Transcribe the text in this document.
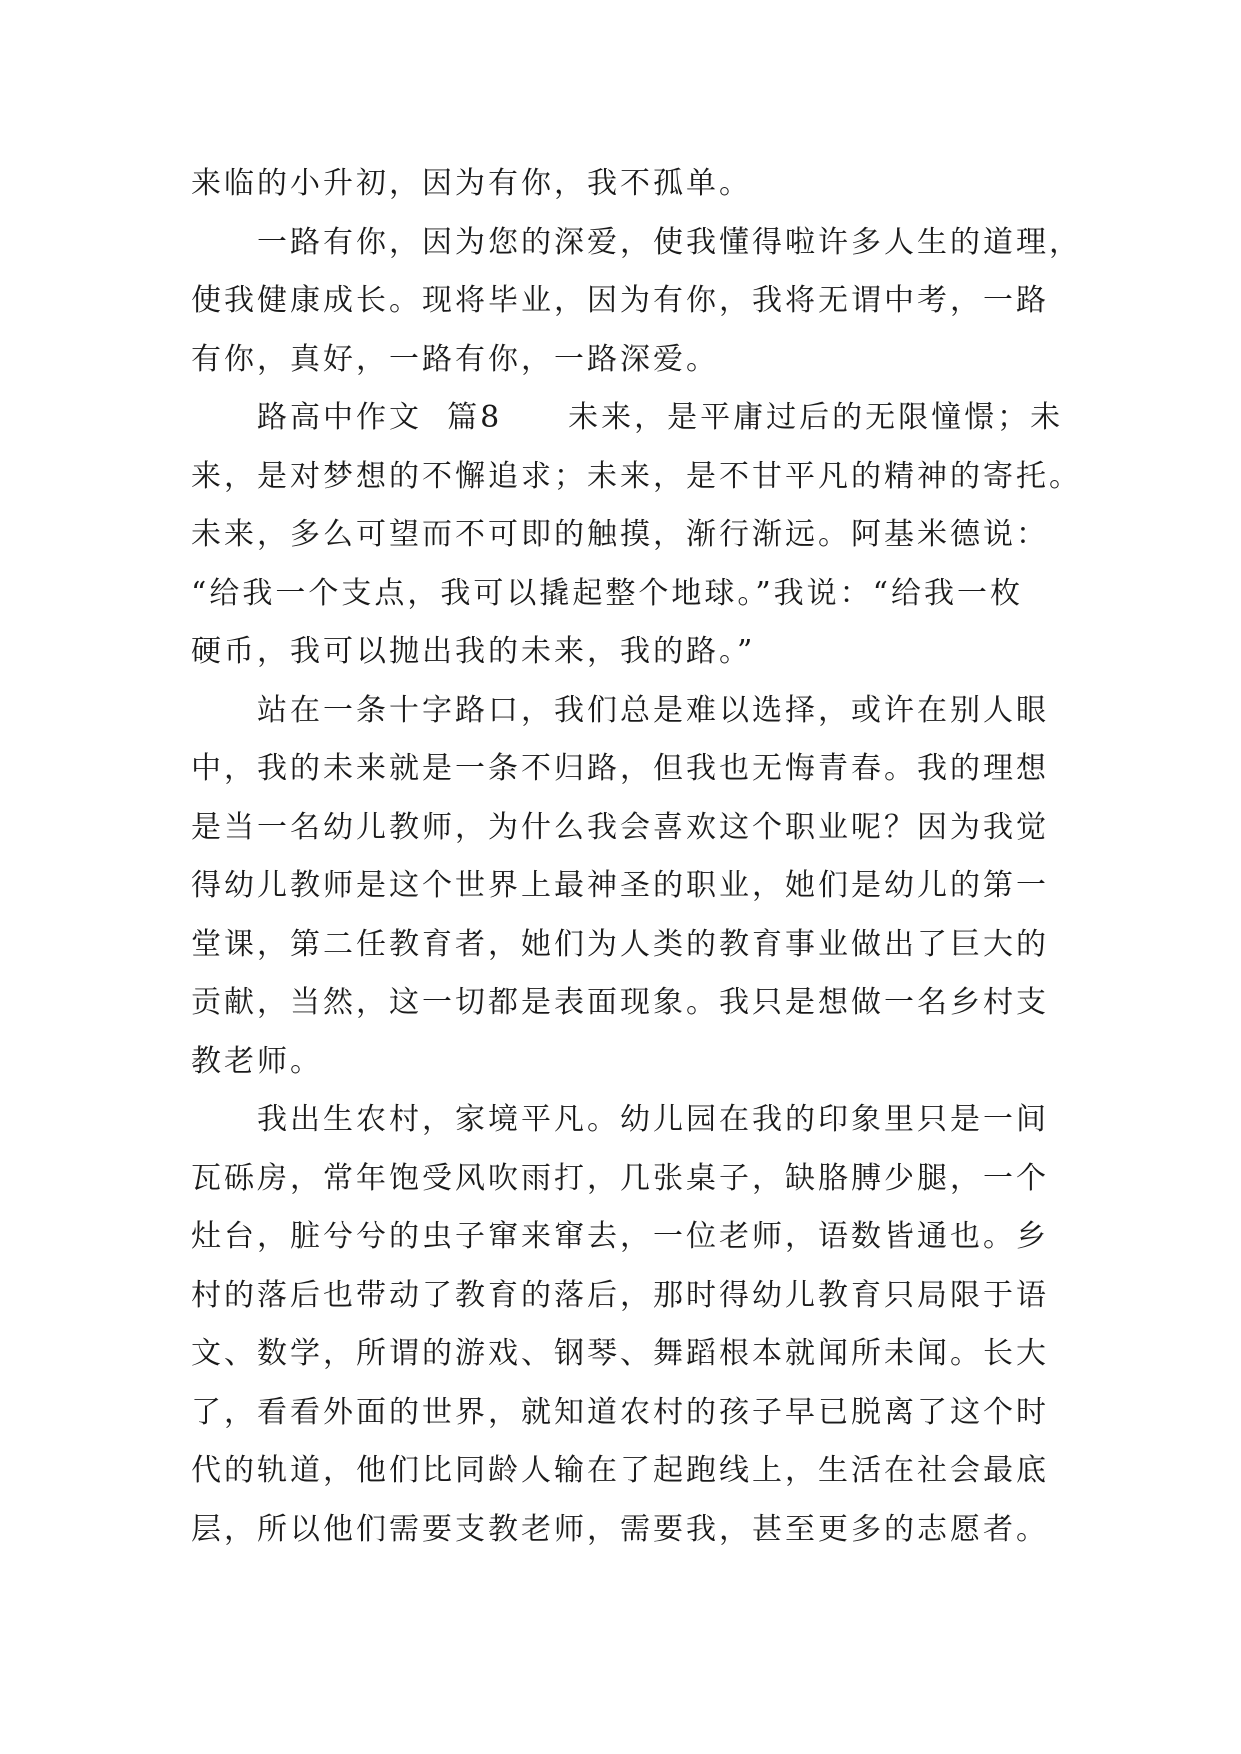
来临的小升初，因为有你，我不孤单。
　　一路有你，因为您的深爱，使我懂得啦许多人生的道理，
使我健康成长。现将毕业，因为有你，我将无谓中考，一路
有你，真好，一路有你，一路深爱。
　　路高中作文  篇8　　未来，是平庸过后的无限憧憬；未
来，是对梦想的不懈追求；未来，是不甘平凡的精神的寄托。
未来，多么可望而不可即的触摸，渐行渐远。阿基米德说：
“给我一个支点，我可以撬起整个地球。”我说：“给我一枚
硬币，我可以抛出我的未来，我的路。”
　　站在一条十字路口，我们总是难以选择，或许在别人眼
中，我的未来就是一条不归路，但我也无悔青春。我的理想
是当一名幼儿教师，为什么我会喜欢这个职业呢？因为我觉
得幼儿教师是这个世界上最神圣的职业，她们是幼儿的第一
堂课，第二任教育者，她们为人类的教育事业做出了巨大的
贡献，当然，这一切都是表面现象。我只是想做一名乡村支
教老师。
　　我出生农村，家境平凡。幼儿园在我的印象里只是一间
瓦砾房，常年饱受风吹雨打，几张桌子，缺胳膊少腿，一个
灶台，脏兮兮的虫子窜来窜去，一位老师，语数皆通也。乡
村的落后也带动了教育的落后，那时得幼儿教育只局限于语
文、数学，所谓的游戏、钢琴、舞蹈根本就闻所未闻。长大
了，看看外面的世界，就知道农村的孩子早已脱离了这个时
代的轨道，他们比同龄人输在了起跑线上，生活在社会最底
层，所以他们需要支教老师，需要我，甚至更多的志愿者。
